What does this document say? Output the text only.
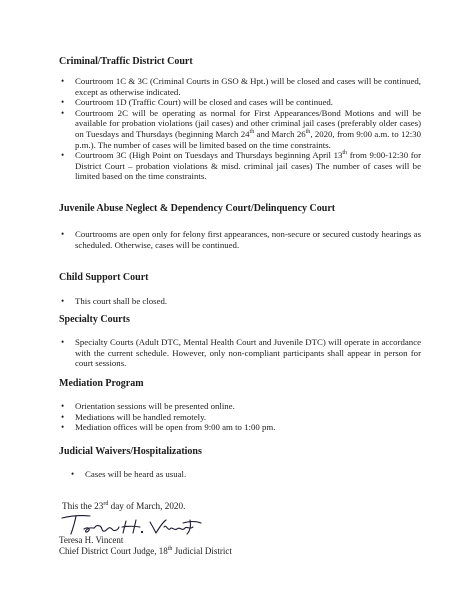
Criminal/Traffic District Court

• Courtroom 1C & 3C (Criminal Courts in GSO & Hpt.) will be closed and cases will be continued, except as otherwise indicated.
• Courtroom 1D (Traffic Court) will be closed and cases will be continued.
• Courtroom 2C will be operating as normal for First Appearances/Bond Motions and will be available for probation violations (jail cases) and other criminal jail cases (preferably older cases) on Tuesdays and Thursdays (beginning March 24th and March 26th, 2020, from 9:00 a.m. to 12:30 p.m.). The number of cases will be limited based on the time constraints.
• Courtroom 3C (High Point on Tuesdays and Thursdays beginning April 13th from 9:00-12:30 for District Court – probation violations & misd. criminal jail cases) The number of cases will be limited based on the time constraints.

Juvenile Abuse Neglect & Dependency Court/Delinquency Court

• Courtrooms are open only for felony first appearances, non-secure or secured custody hearings as scheduled. Otherwise, cases will be continued.

Child Support Court

• This court shall be closed.

Specialty Courts

• Specialty Courts (Adult DTC, Mental Health Court and Juvenile DTC) will operate in accordance with the current schedule. However, only non-compliant participants shall appear in person for court sessions.

Mediation Program

• Orientation sessions will be presented online.
• Mediations will be handled remotely.
• Mediation offices will be open from 9:00 am to 1:00 pm.

Judicial Waivers/Hospitalizations

• Cases will be heard as usual.
This the 23rd day of March, 2020.
Teresa H. Vincent
Chief District Court Judge, 18th Judicial District
